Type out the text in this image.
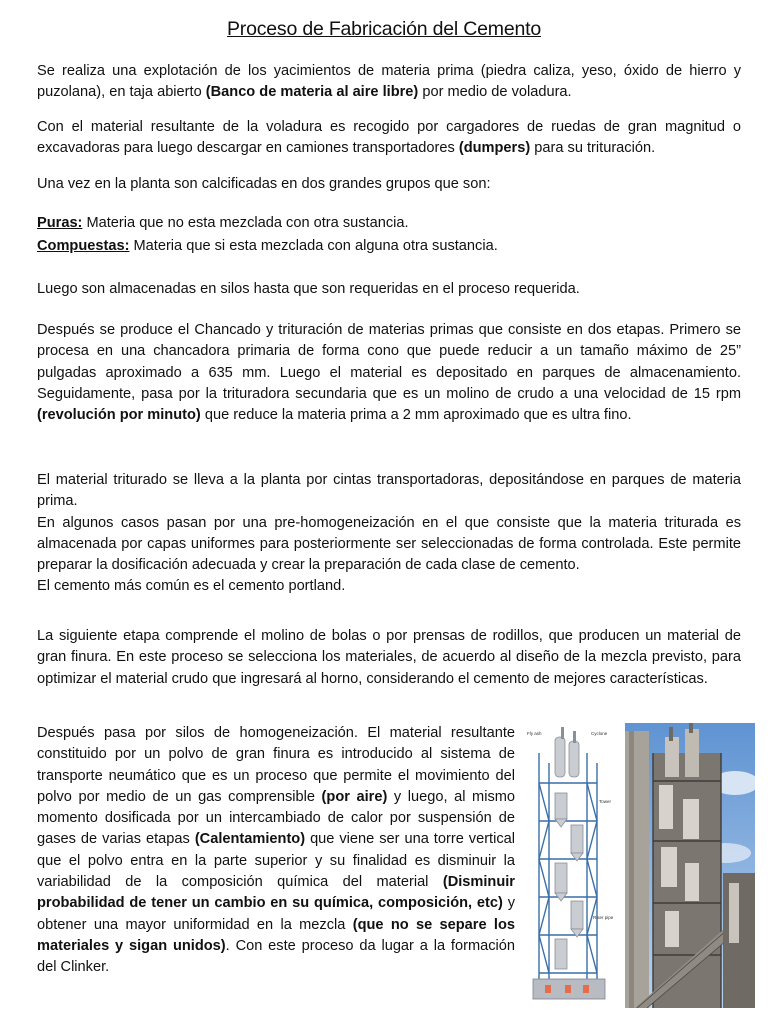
Proceso de Fabricación del Cemento
Se realiza una explotación de los yacimientos de materia prima (piedra caliza, yeso, óxido de hierro y puzolana), en taja abierto (Banco de materia al aire libre) por medio de voladura.
Con el material resultante de la voladura es recogido por cargadores de ruedas de gran magnitud o excavadoras para luego descargar en camiones transportadores (dumpers) para su trituración.
Una vez en la planta son calcificadas en dos grandes grupos que son:
Puras: Materia que no esta mezclada con otra sustancia.
Compuestas: Materia que si esta mezclada con alguna otra sustancia.
Luego son almacenadas en silos hasta que son requeridas en el proceso requerida.
Después se produce el Chancado y trituración de materias primas que consiste en dos etapas. Primero se procesa en una chancadora primaria de forma cono que puede reducir a un tamaño máximo de 25” pulgadas aproximado a 635 mm. Luego el material es depositado en parques de almacenamiento. Seguidamente, pasa por la trituradora secundaria que es un molino de crudo a una velocidad de 15 rpm (revolución por minuto) que reduce la materia prima a 2 mm aproximado que es ultra fino.
El material triturado se lleva a la planta por cintas transportadoras, depositándose en parques de materia prima.
En algunos casos pasan por una pre-homogeneización en el que consiste que la materia triturada es almacenada por capas uniformes para posteriormente ser seleccionadas de forma controlada. Este permite preparar la dosificación adecuada y crear la preparación de cada clase de cemento.
El cemento más común es el cemento portland.
La siguiente etapa comprende el molino de bolas o por prensas de rodillos, que producen un material de gran finura. En este proceso se selecciona los materiales, de acuerdo al diseño de la mezcla previsto, para optimizar el material crudo que ingresará al horno, considerando el cemento de mejores características.
Después pasa por silos de homogeneización. El material resultante constituido por un polvo de gran finura es introducido al sistema de transporte neumático que es un proceso que permite el movimiento del polvo por medio de un gas comprensible (por aire) y luego, al mismo momento dosificada por un intercambiado de calor por suspensión de gases de varias etapas (Calentamiento) que viene ser una torre vertical que el polvo entra en la parte superior y su finalidad es disminuir la variabilidad de la composición química del material (Disminuir probabilidad de tener un cambio en su química, composición, etc) y obtener una mayor uniformidad en la mezcla (que no se separe los materiales y sigan unidos). Con este proceso da lugar a la formación del Clinker.
Fly ash	Cyclone
Tower
Riser pipe
